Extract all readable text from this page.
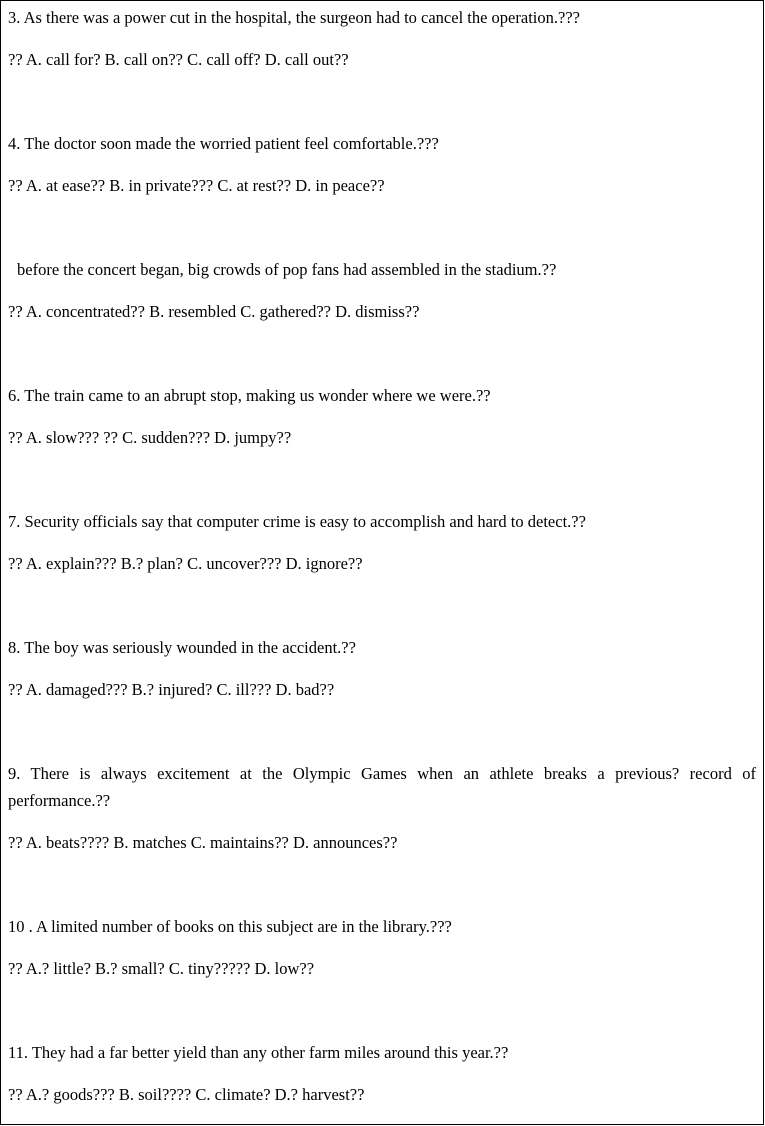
3. As there was a power cut in the hospital, the surgeon had to cancel the operation.???

?? A. call for? B. call on?? C. call off? D. call out??

4. The doctor soon made the worried patient feel comfortable.???

?? A. at ease?? B. in private??? C. at rest?? D. in peace??

before the concert began, big crowds of pop fans had assembled in the stadium.??

?? A. concentrated?? B. resembled C. gathered?? D. dismiss??

6. The train came to an abrupt stop, making us wonder where we were.??

?? A. slow??? ?? C. sudden??? D. jumpy??

7. Security officials say that computer crime is easy to accomplish and hard to detect.??

?? A. explain??? B.? plan? C. uncover??? D. ignore??

8. The boy was seriously wounded in the accident.??

?? A. damaged??? B.? injured? C. ill??? D. bad??

9. There is always excitement at the Olympic Games when an athlete breaks a previous? record of performance.??

?? A. beats???? B. matches C. maintains?? D. announces??

10 . A limited number of books on this subject are in the library.???

?? A.? little? B.? small? C. tiny????? D. low??

11. They had a far better yield than any other farm miles around this year.??

?? A.? goods??? B. soil???? C. climate? D.? harvest??
